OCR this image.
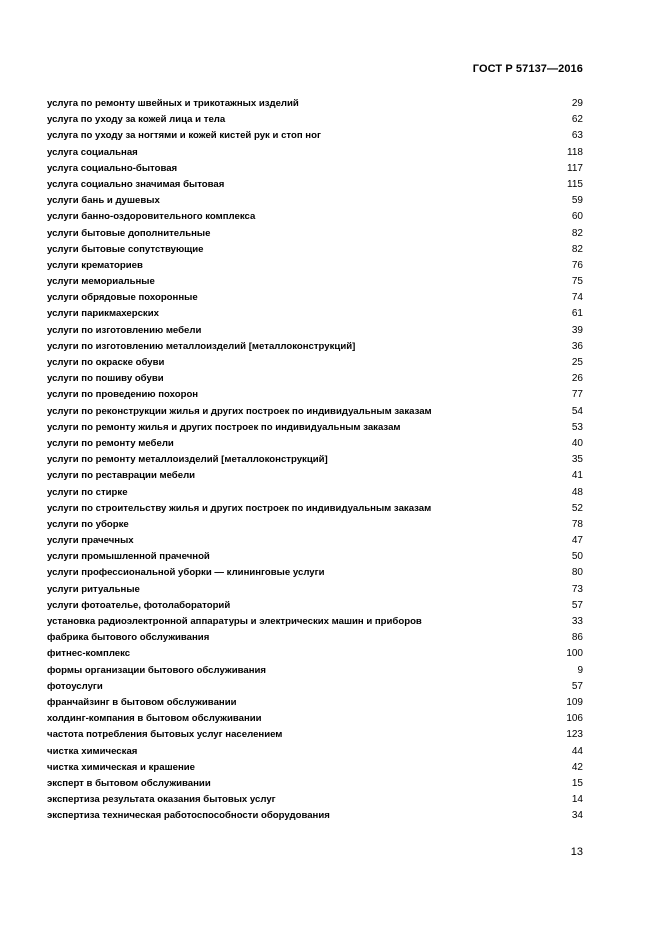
ГОСТ Р 57137—2016
услуга по ремонту швейных и трикотажных изделий	29
услуга по уходу за кожей лица и тела	62
услуга по уходу за ногтями и кожей кистей рук и стоп ног	63
услуга социальная	118
услуга социально-бытовая	117
услуга социально значимая бытовая	115
услуги бань и душевых	59
услуги банно-оздоровительного комплекса	60
услуги бытовые дополнительные	82
услуги бытовые сопутствующие	82
услуги крематориев	76
услуги мемориальные	75
услуги обрядовые похоронные	74
услуги парикмахерских	61
услуги по изготовлению мебели	39
услуги по изготовлению металлоизделий [металлоконструкций]	36
услуги по окраске обуви	25
услуги по пошиву обуви	26
услуги по проведению похорон	77
услуги по реконструкции жилья и других построек по индивидуальным заказам	54
услуги по ремонту жилья и других построек по индивидуальным заказам	53
услуги по ремонту мебели	40
услуги по ремонту металлоизделий [металлоконструкций]	35
услуги по реставрации мебели	41
услуги по стирке	48
услуги по строительству жилья и других построек по индивидуальным заказам	52
услуги по уборке	78
услуги прачечных	47
услуги промышленной прачечной	50
услуги профессиональной уборки — клининговые услуги	80
услуги ритуальные	73
услуги фотоателье, фотолабораторий	57
установка радиоэлектронной аппаратуры и электрических машин и приборов	33
фабрика бытового обслуживания	86
фитнес-комплекс	100
формы организации бытового обслуживания	9
фотоуслуги	57
франчайзинг в бытовом обслуживании	109
холдинг-компания в бытовом обслуживании	106
частота потребления бытовых услуг населением	123
чистка химическая	44
чистка химическая и крашение	42
эксперт в бытовом обслуживании	15
экспертиза результата оказания бытовых услуг	14
экспертиза техническая работоспособности оборудования	34
13
